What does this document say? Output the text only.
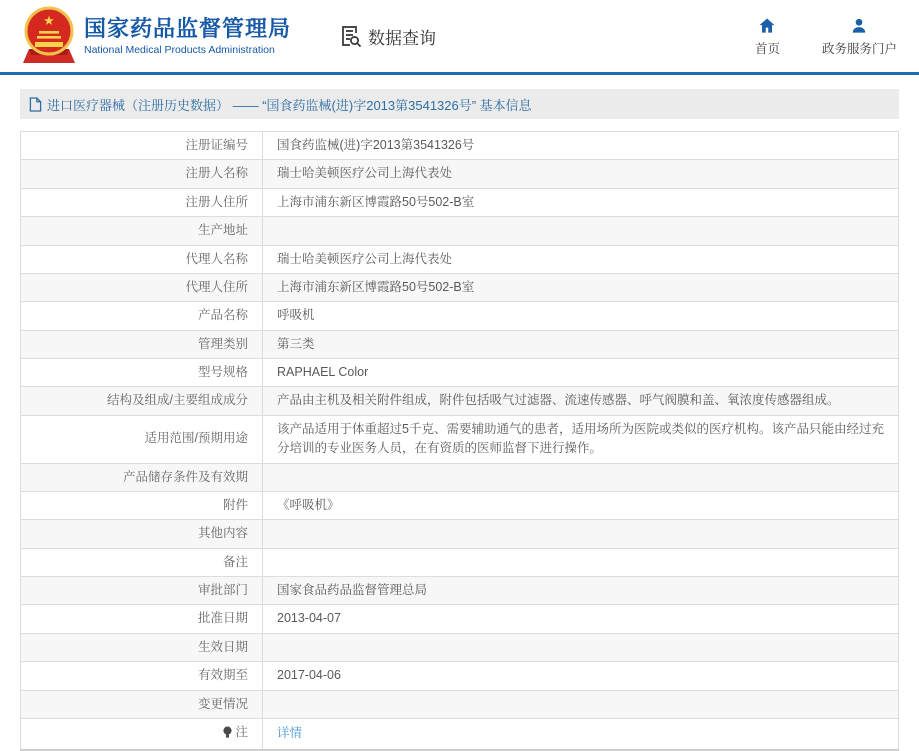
★ 国家药品监督管理局
National Medical Products Administration
数据查询
首页	政务服务门户
进口医疗器械（注册历史数据） —— “国食药监械(进)字2013第3541326号” 基本信息
注册证编号	国食药监械(进)字2013第3541326号
注册人名称	瑞士哈美顿医疗公司上海代表处
注册人住所	上海市浦东新区博霞路50号502-B室
生产地址	
代理人名称	瑞士哈美顿医疗公司上海代表处
代理人住所	上海市浦东新区博霞路50号502-B室
产品名称	呼吸机
管理类别	第三类
型号规格	RAPHAEL Color
结构及组成/主要组成成分	产品由主机及相关附件组成，附件包括吸气过滤器、流速传感器、呼气阀膜和盖、氧浓度传感器组成。
适用范围/预期用途	该产品适用于体重超过5千克、需要辅助通气的患者，适用场所为医院或类似的医疗机构。该产品只能由经过充分培训的专业医务人员，在有资质的医师监督下进行操作。
产品储存条件及有效期	
附件	《呼吸机》
其他内容	
备注	
审批部门	国家食品药品监督管理总局
批准日期	2013-04-07
生效日期	
有效期至	2017-04-06
变更情况	

注	详情
